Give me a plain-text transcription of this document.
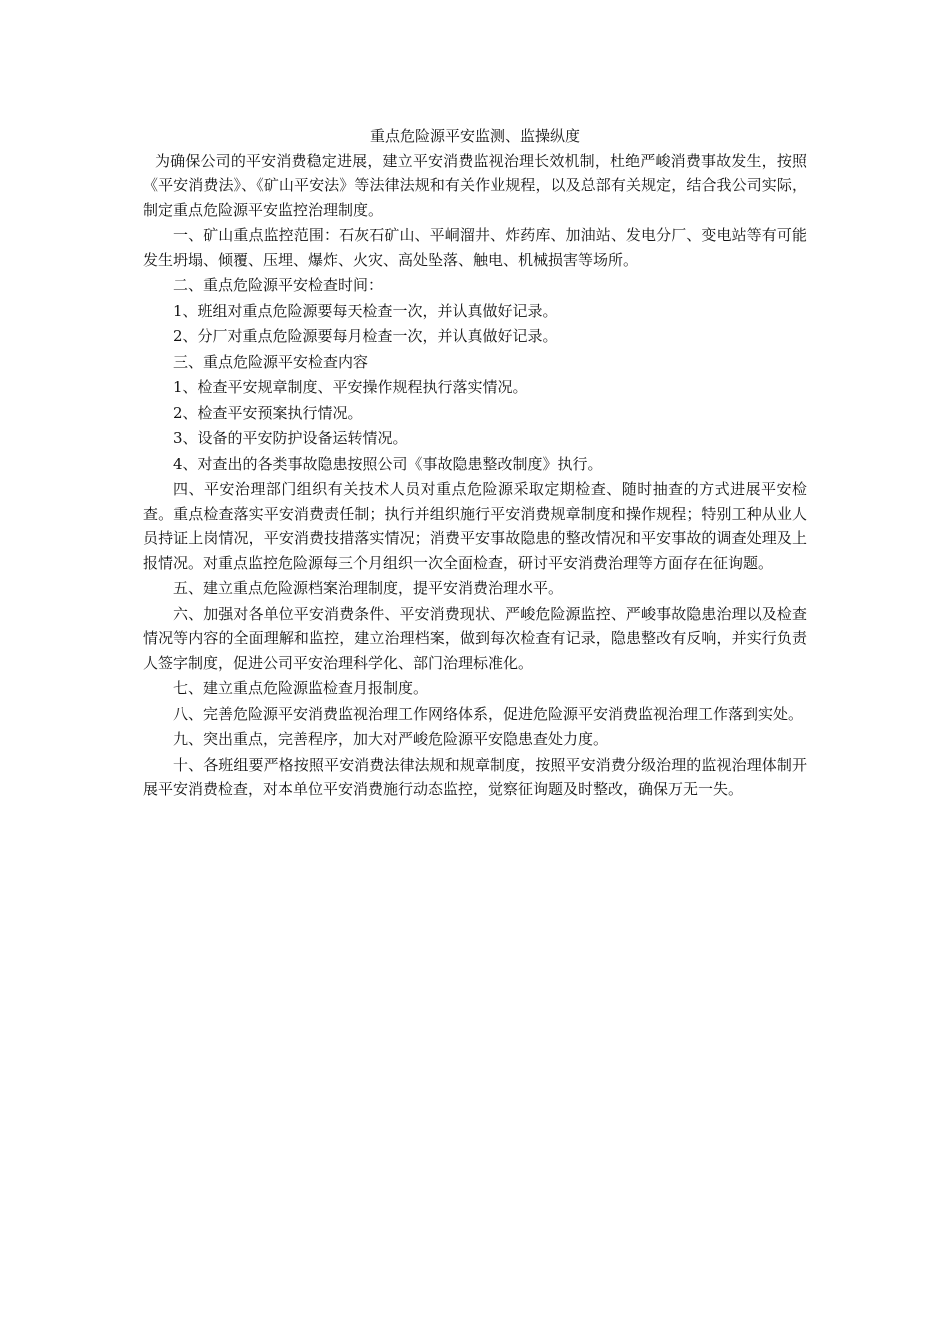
重点危险源平安监测、监操纵度

为确保公司的平安消费稳定进展，建立平安消费监视治理长效机制，杜绝严峻消费事故发生，按照《平安消费法》、《矿山平安法》等法律法规和有关作业规程，以及总部有关规定，结合我公司实际，制定重点危险源平安监控治理制度。

一、矿山重点监控范围：石灰石矿山、平峒溜井、炸药库、加油站、发电分厂、变电站等有可能发生坍塌、倾覆、压埋、爆炸、火灾、高处坠落、触电、机械损害等场所。

二、重点危险源平安检查时间：

1、班组对重点危险源要每天检查一次，并认真做好记录。

2、分厂对重点危险源要每月检查一次，并认真做好记录。

三、重点危险源平安检查内容

1、检查平安规章制度、平安操作规程执行落实情况。

2、检查平安预案执行情况。

3、设备的平安防护设备运转情况。

4、对查出的各类事故隐患按照公司《事故隐患整改制度》执行。

四、平安治理部门组织有关技术人员对重点危险源采取定期检查、随时抽查的方式进展平安检查。重点检查落实平安消费责任制；执行并组织施行平安消费规章制度和操作规程；特别工种从业人员持证上岗情况，平安消费技措落实情况；消费平安事故隐患的整改情况和平安事故的调查处理及上报情况。对重点监控危险源每三个月组织一次全面检查，研讨平安消费治理等方面存在征询题。

五、建立重点危险源档案治理制度，提平安消费治理水平。

六、加强对各单位平安消费条件、平安消费现状、严峻危险源监控、严峻事故隐患治理以及检查情况等内容的全面理解和监控，建立治理档案，做到每次检查有记录，隐患整改有反响，并实行负责人签字制度，促进公司平安治理科学化、部门治理标准化。

七、建立重点危险源监检查月报制度。

八、完善危险源平安消费监视治理工作网络体系，促进危险源平安消费监视治理工作落到实处。

九、突出重点，完善程序，加大对严峻危险源平安隐患查处力度。

十、各班组要严格按照平安消费法律法规和规章制度，按照平安消费分级治理的监视治理体制开展平安消费检查，对本单位平安消费施行动态监控，觉察征询题及时整改，确保万无一失。
